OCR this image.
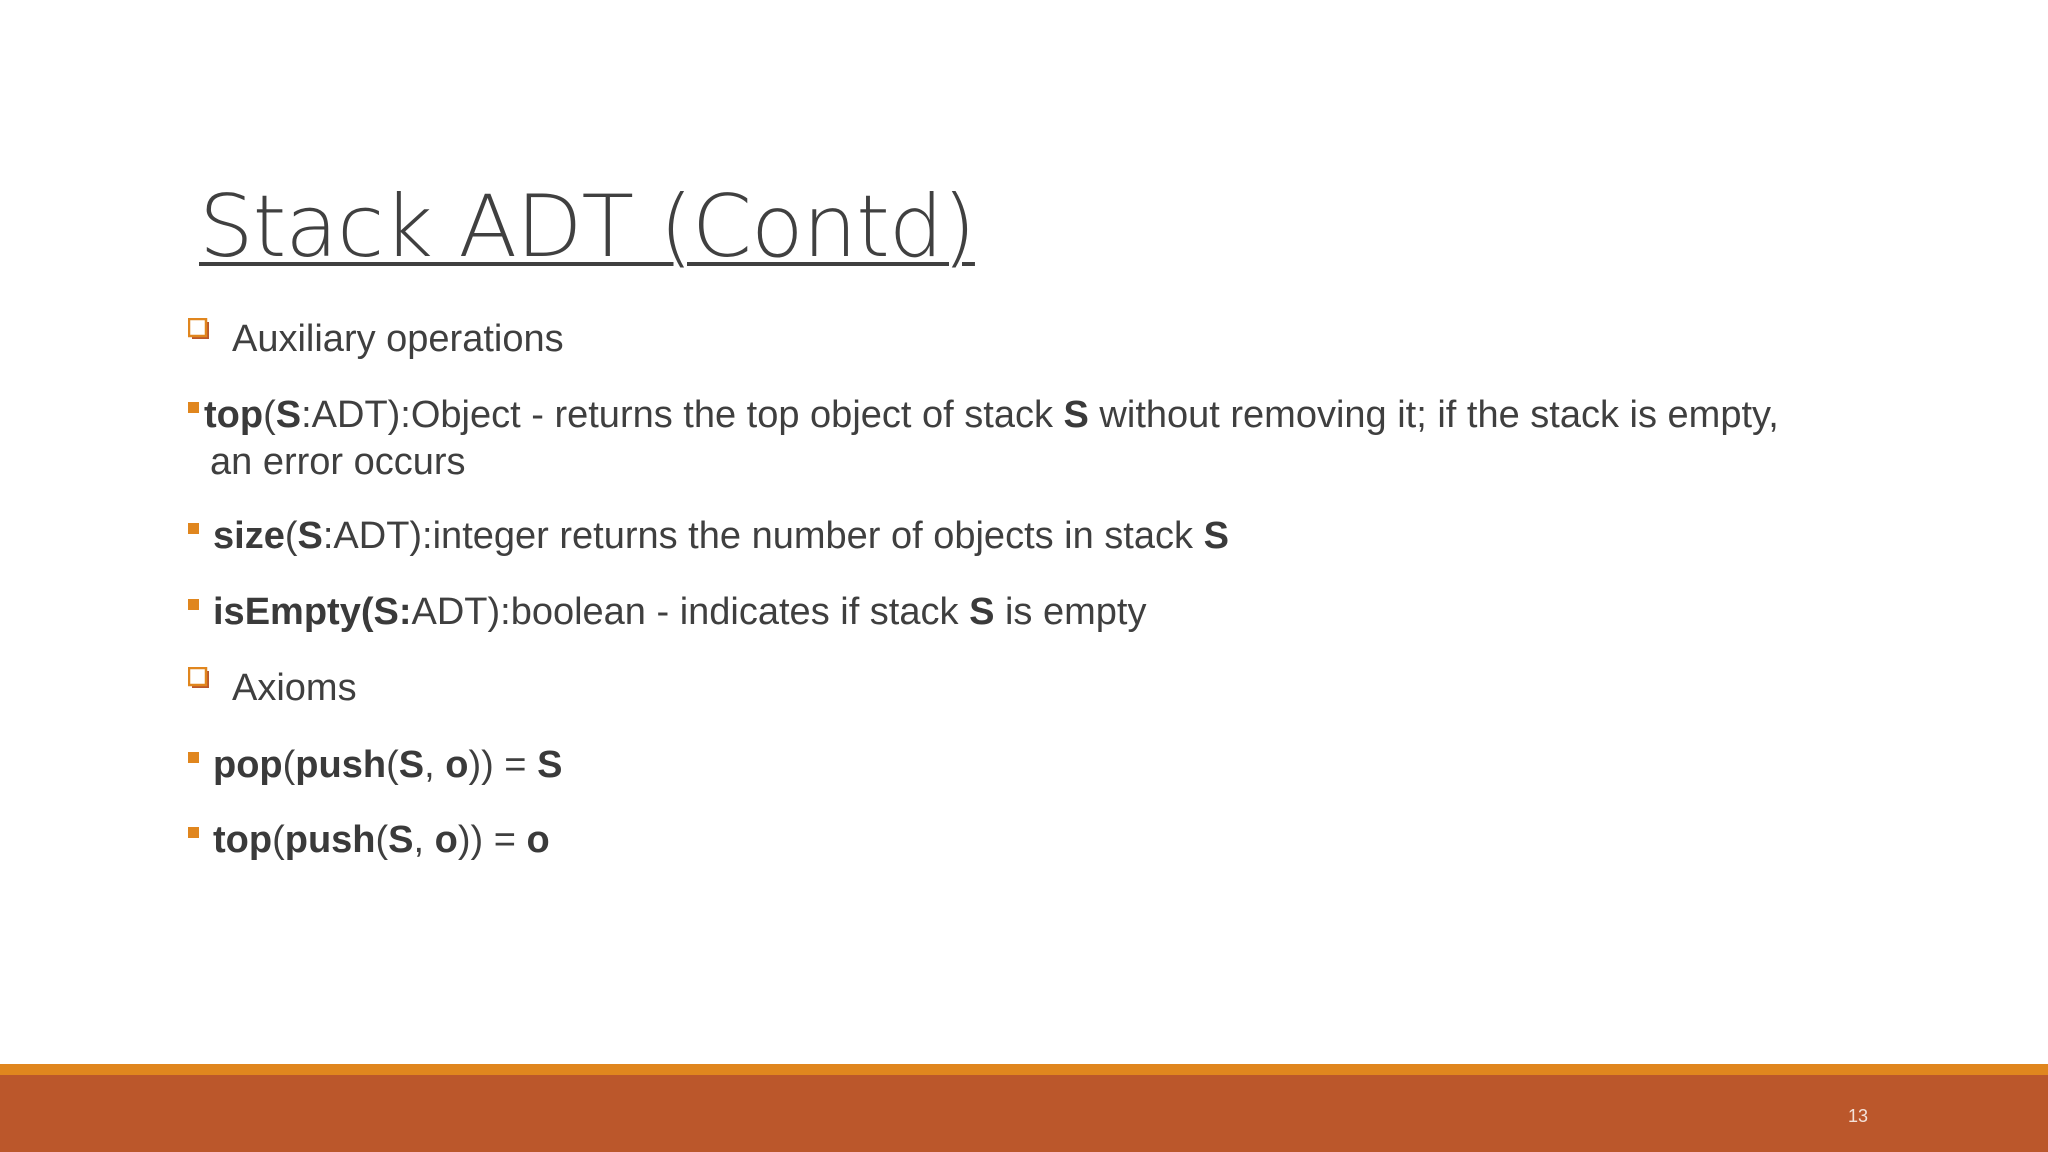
Stack ADT (Contd)
Auxiliary operations
top(S:ADT):Object - returns the top object of stack S without removing it; if the stack is empty,
an error occurs
size(S:ADT):integer returns the number of objects in stack S
isEmpty(S:ADT):boolean - indicates if stack S is empty
Axioms
pop(push(S, o)) = S
top(push(S, o)) = o
13
